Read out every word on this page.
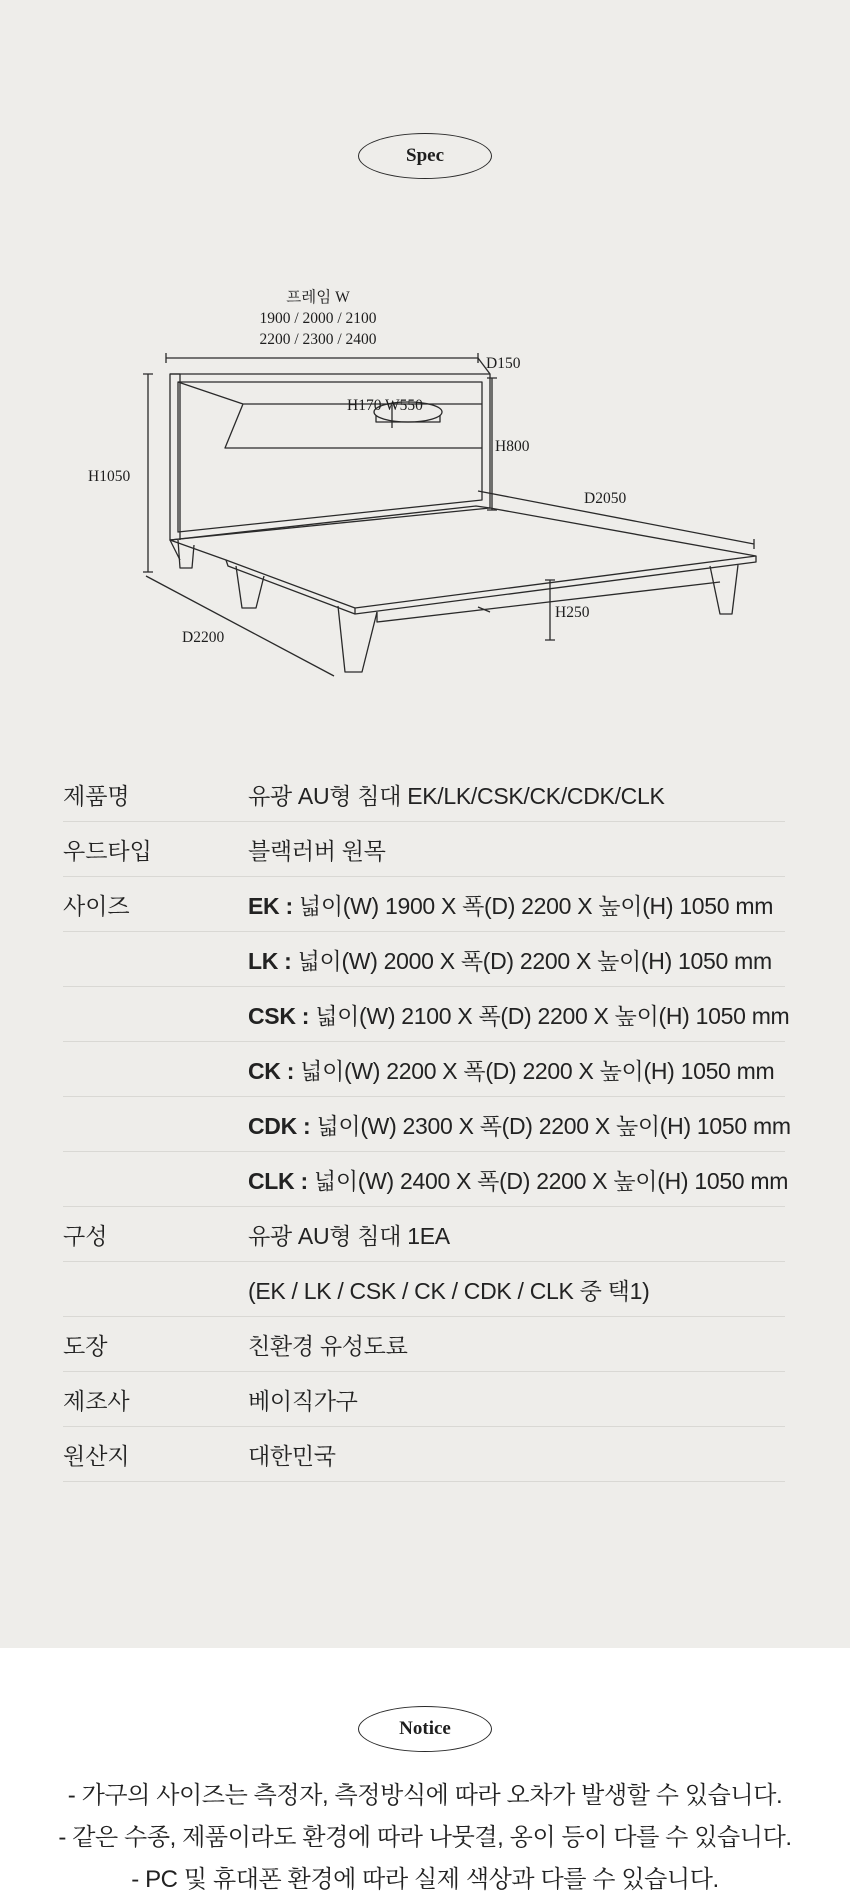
Spec
프레임 W
1900 / 2000 / 2100
2200 / 2300 / 2400
D150
H170 W550
H800
H1050
D2050
H250
D2200
제품명	유광 AU형 침대 EK/LK/CSK/CK/CDK/CLK
우드타입	블랙러버 원목
사이즈	EK : 넓이(W) 1900 X 폭(D) 2200 X 높이(H) 1050 mm
LK : 넓이(W) 2000 X 폭(D) 2200 X 높이(H) 1050 mm
CSK : 넓이(W) 2100 X 폭(D) 2200 X 높이(H) 1050 mm
CK : 넓이(W) 2200 X 폭(D) 2200 X 높이(H) 1050 mm
CDK : 넓이(W) 2300 X 폭(D) 2200 X 높이(H) 1050 mm
CLK : 넓이(W) 2400 X 폭(D) 2200 X 높이(H) 1050 mm
구성	유광 AU형 침대 1EA
(EK / LK / CSK / CK / CDK / CLK 중 택1)
도장	친환경 유성도료
제조사	베이직가구
원산지	대한민국
Notice
- 가구의 사이즈는 측정자, 측정방식에 따라 오차가 발생할 수 있습니다.
- 같은 수종, 제품이라도 환경에 따라 나뭇결, 옹이 등이 다를 수 있습니다.
- PC 및 휴대폰 환경에 따라 실제 색상과 다를 수 있습니다.
